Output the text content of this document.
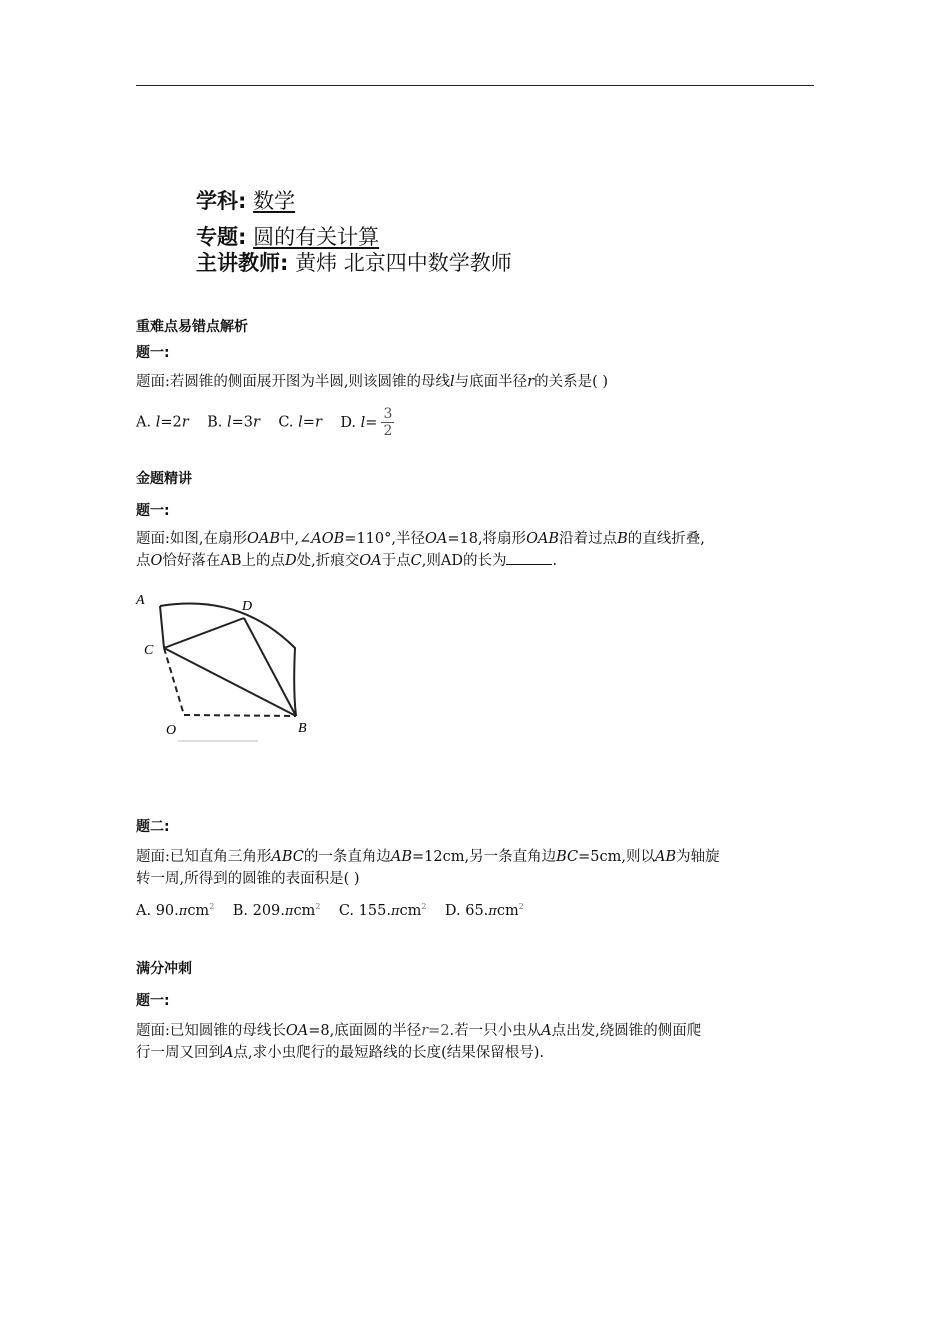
学科: 数学
专题: 圆的有关计算
主讲教师: 黄炜 北京四中数学教师
重难点易错点解析
题一:
题面:若圆锥的侧面展开图为半圆,则该圆锥的母线l与底面半径r的关系是( )
A. l=2r B. l=3r C. l=r D. $l= \frac{3}{2}$
金题精讲
题一:
题面:如图,在扇形OAB中,∠AOB=110°,半径OA=18,将扇形OAB沿着过点B的直线折叠,
点O恰好落在AB上的点D处,折痕交OA于点C,则AD的长为	.
A	D
C
O	B
题二:
题面:已知直角三角形ABC的一条直角边AB=12cm,另一条直角边BC=5cm,则以AB为轴旋
转一周,所得到的圆锥的表面积是( )
A. 90.πcm$^2$ B. 209.πcm$^2$ C. 155.πcm$^2$ D. 65.πcm$^2$
满分冲刺
题一:
题面:已知圆锥的母线长OA=8,底面圆的半径r=2.若一只小虫从A点出发,绕圆锥的侧面爬
行一周又回到A点,求小虫爬行的最短路线的长度(结果保留根号).
